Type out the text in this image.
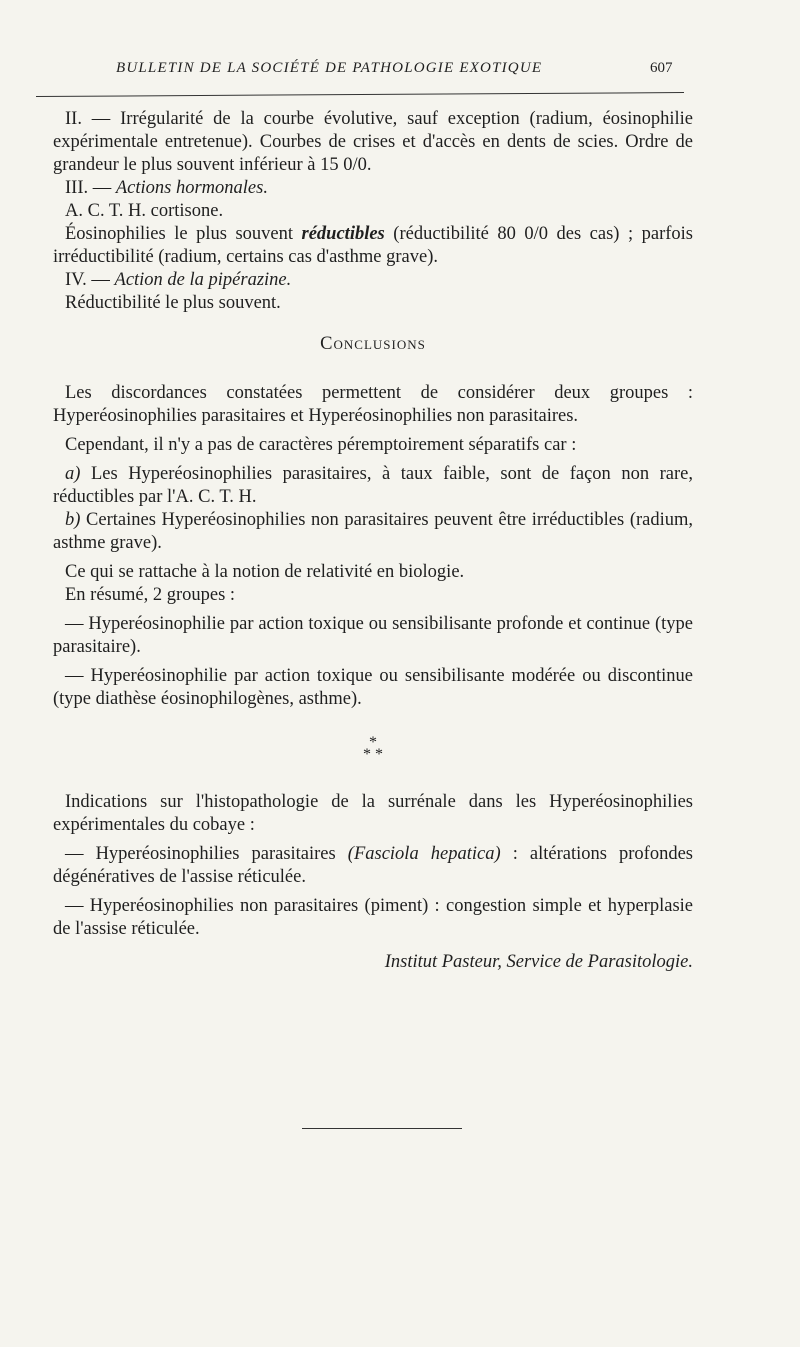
BULLETIN DE LA SOCIÉTÉ DE PATHOLOGIE EXOTIQUE	607

II. — Irrégularité de la courbe évolutive, sauf exception (radium, éosinophilie expérimentale entretenue). Courbes de crises et d'accès en dents de scies. Ordre de grandeur le plus souvent inférieur à 15 0/0.

III. — Actions hormonales.

A. C. T. H. cortisone.

Éosinophilies le plus souvent réductibles (réductibilité 80 0/0 des cas) ; parfois irréductibilité (radium, certains cas d'asthme grave).

IV. — Action de la pipérazine.

Réductibilité le plus souvent.

Conclusions

Les discordances constatées permettent de considérer deux groupes : Hyperéosinophilies parasitaires et Hyperéosinophilies non parasitaires.

Cependant, il n'y a pas de caractères péremptoirement séparatifs car :

a) Les Hyperéosinophilies parasitaires, à taux faible, sont de façon non rare, réductibles par l'A. C. T. H.

b) Certaines Hyperéosinophilies non parasitaires peuvent être irréductibles (radium, asthme grave).

Ce qui se rattache à la notion de relativité en biologie.

En résumé, 2 groupes :

— Hyperéosinophilie par action toxique ou sensibilisante profonde et continue (type parasitaire).

— Hyperéosinophilie par action toxique ou sensibilisante modérée ou discontinue (type diathèse éosinophilogènes, asthme).

*
* *

Indications sur l'histopathologie de la surrénale dans les Hyperéosinophilies expérimentales du cobaye :

— Hyperéosinophilies parasitaires (Fasciola hepatica) : altérations profondes dégénératives de l'assise réticulée.

— Hyperéosinophilies non parasitaires (piment) : congestion simple et hyperplasie de l'assise réticulée.

Institut Pasteur, Service de Parasitologie.
